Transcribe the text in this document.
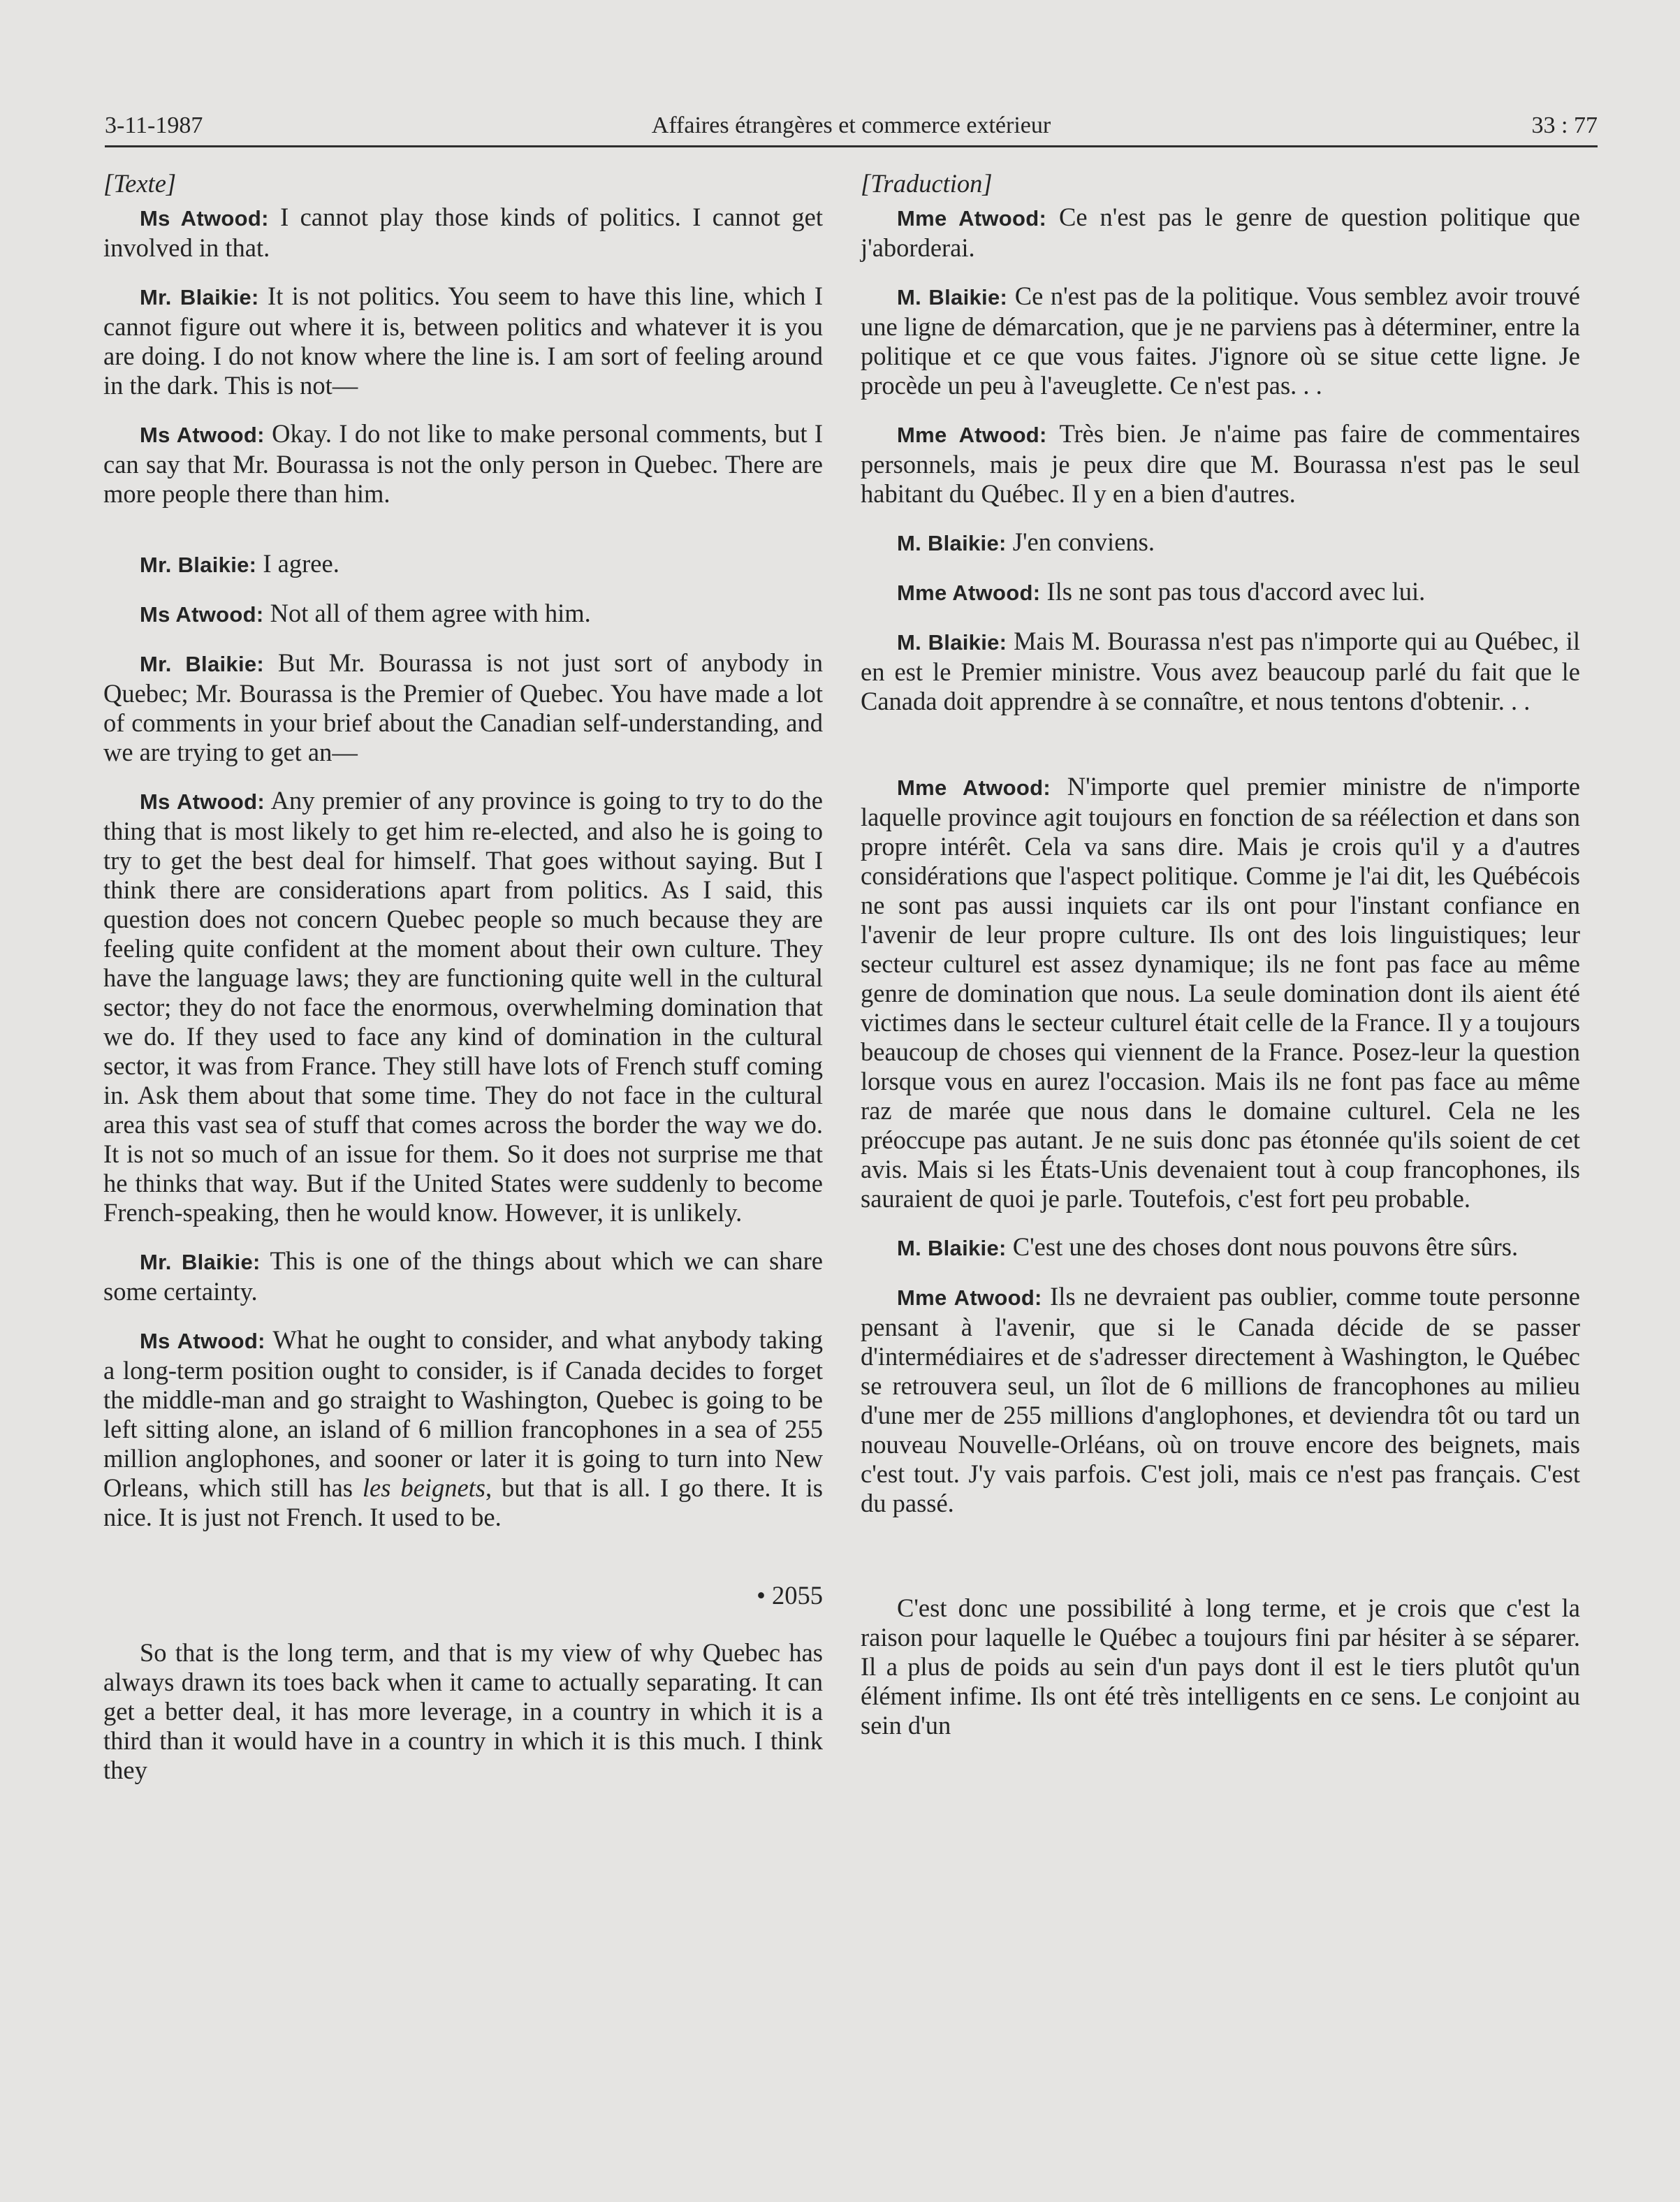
3-11-1987	Affaires étrangères et commerce extérieur	33 : 77

[Texte]

Ms Atwood: I cannot play those kinds of politics. I cannot get involved in that.

Mr. Blaikie: It is not politics. You seem to have this line, which I cannot figure out where it is, between politics and whatever it is you are doing. I do not know where the line is. I am sort of feeling around in the dark. This is not—

Ms Atwood: Okay. I do not like to make personal comments, but I can say that Mr. Bourassa is not the only person in Quebec. There are more people there than him.

Mr. Blaikie: I agree.

Ms Atwood: Not all of them agree with him.

Mr. Blaikie: But Mr. Bourassa is not just sort of anybody in Quebec; Mr. Bourassa is the Premier of Quebec. You have made a lot of comments in your brief about the Canadian self-understanding, and we are trying to get an—

Ms Atwood: Any premier of any province is going to try to do the thing that is most likely to get him re-elected, and also he is going to try to get the best deal for himself. That goes without saying. But I think there are considerations apart from politics. As I said, this question does not concern Quebec people so much because they are feeling quite confident at the moment about their own culture. They have the language laws; they are functioning quite well in the cultural sector; they do not face the enormous, overwhelming domination that we do. If they used to face any kind of domination in the cultural sector, it was from France. They still have lots of French stuff coming in. Ask them about that some time. They do not face in the cultural area this vast sea of stuff that comes across the border the way we do. It is not so much of an issue for them. So it does not surprise me that he thinks that way. But if the United States were suddenly to become French-speaking, then he would know. However, it is unlikely.

Mr. Blaikie: This is one of the things about which we can share some certainty.

Ms Atwood: What he ought to consider, and what anybody taking a long-term position ought to consider, is if Canada decides to forget the middle-man and go straight to Washington, Quebec is going to be left sitting alone, an island of 6 million francophones in a sea of 255 million anglophones, and sooner or later it is going to turn into New Orleans, which still has les beignets, but that is all. I go there. It is nice. It is just not French. It used to be.

• 2055

So that is the long term, and that is my view of why Quebec has always drawn its toes back when it came to actually separating. It can get a better deal, it has more leverage, in a country in which it is a third than it would have in a country in which it is this much. I think they

[Traduction]

Mme Atwood: Ce n'est pas le genre de question politique que j'aborderai.

M. Blaikie: Ce n'est pas de la politique. Vous semblez avoir trouvé une ligne de démarcation, que je ne parviens pas à déterminer, entre la politique et ce que vous faites. J'ignore où se situe cette ligne. Je procède un peu à l'aveuglette. Ce n'est pas. . .

Mme Atwood: Très bien. Je n'aime pas faire de commentaires personnels, mais je peux dire que M. Bourassa n'est pas le seul habitant du Québec. Il y en a bien d'autres.

M. Blaikie: J'en conviens.

Mme Atwood: Ils ne sont pas tous d'accord avec lui.

M. Blaikie: Mais M. Bourassa n'est pas n'importe qui au Québec, il en est le Premier ministre. Vous avez beaucoup parlé du fait que le Canada doit apprendre à se connaître, et nous tentons d'obtenir. . .

Mme Atwood: N'importe quel premier ministre de n'importe laquelle province agit toujours en fonction de sa réélection et dans son propre intérêt. Cela va sans dire. Mais je crois qu'il y a d'autres considérations que l'aspect politique. Comme je l'ai dit, les Québécois ne sont pas aussi inquiets car ils ont pour l'instant confiance en l'avenir de leur propre culture. Ils ont des lois linguistiques; leur secteur culturel est assez dynamique; ils ne font pas face au même genre de domination que nous. La seule domination dont ils aient été victimes dans le secteur culturel était celle de la France. Il y a toujours beaucoup de choses qui viennent de la France. Posez-leur la question lorsque vous en aurez l'occasion. Mais ils ne font pas face au même raz de marée que nous dans le domaine culturel. Cela ne les préoccupe pas autant. Je ne suis donc pas étonnée qu'ils soient de cet avis. Mais si les États-Unis devenaient tout à coup francophones, ils sauraient de quoi je parle. Toutefois, c'est fort peu probable.

M. Blaikie: C'est une des choses dont nous pouvons être sûrs.

Mme Atwood: Ils ne devraient pas oublier, comme toute personne pensant à l'avenir, que si le Canada décide de se passer d'intermédiaires et de s'adresser directement à Washington, le Québec se retrouvera seul, un îlot de 6 millions de francophones au milieu d'une mer de 255 millions d'anglophones, et deviendra tôt ou tard un nouveau Nouvelle-Orléans, où on trouve encore des beignets, mais c'est tout. J'y vais parfois. C'est joli, mais ce n'est pas français. C'est du passé.

C'est donc une possibilité à long terme, et je crois que c'est la raison pour laquelle le Québec a toujours fini par hésiter à se séparer. Il a plus de poids au sein d'un pays dont il est le tiers plutôt qu'un élément infime. Ils ont été très intelligents en ce sens. Le conjoint au sein d'un
